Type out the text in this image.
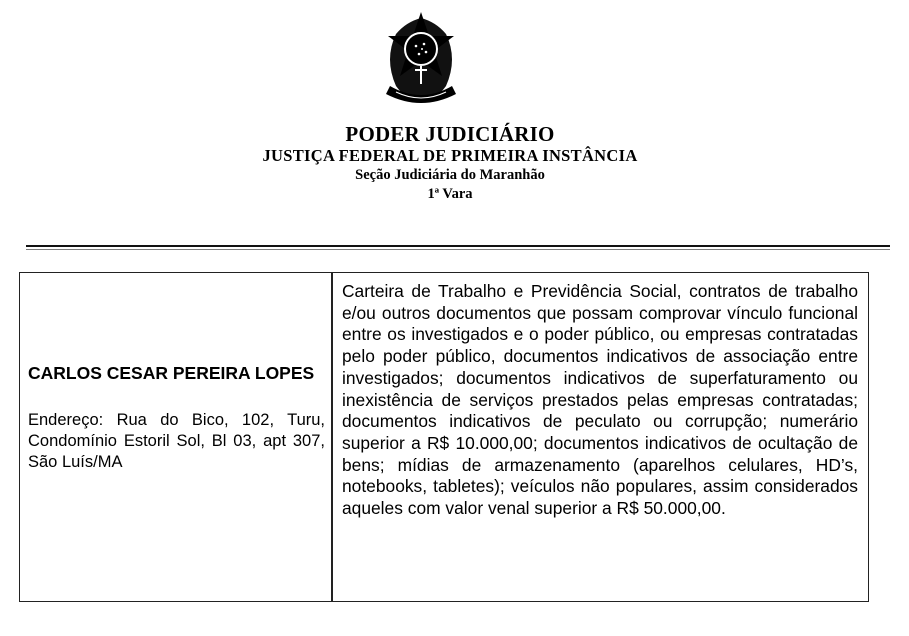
PODER JUDICIÁRIO
JUSTIÇA FEDERAL DE PRIMEIRA INSTÂNCIA
Seção Judiciária do Maranhão
1ª Vara
CARLOS CESAR PEREIRA LOPES
Endereço: Rua do Bico, 102, Turu, Condomínio Estoril Sol, Bl 03, apt 307, São Luís/MA
Carteira de Trabalho e Previdência Social, contratos de trabalho e/ou outros documentos que possam comprovar vínculo funcional entre os investigados e o poder público, ou empresas contratadas pelo poder público, documentos indicativos de associação entre investigados; documentos indicativos de superfaturamento ou inexistência de serviços prestados pelas empresas contratadas; documentos indicativos de peculato ou corrupção; numerário superior a R$ 10.000,00; documentos indicativos de ocultação de bens; mídias de armazenamento (aparelhos celulares, HD’s, notebooks, tabletes); veículos não populares, assim considerados aqueles com valor venal superior a R$ 50.000,00.
